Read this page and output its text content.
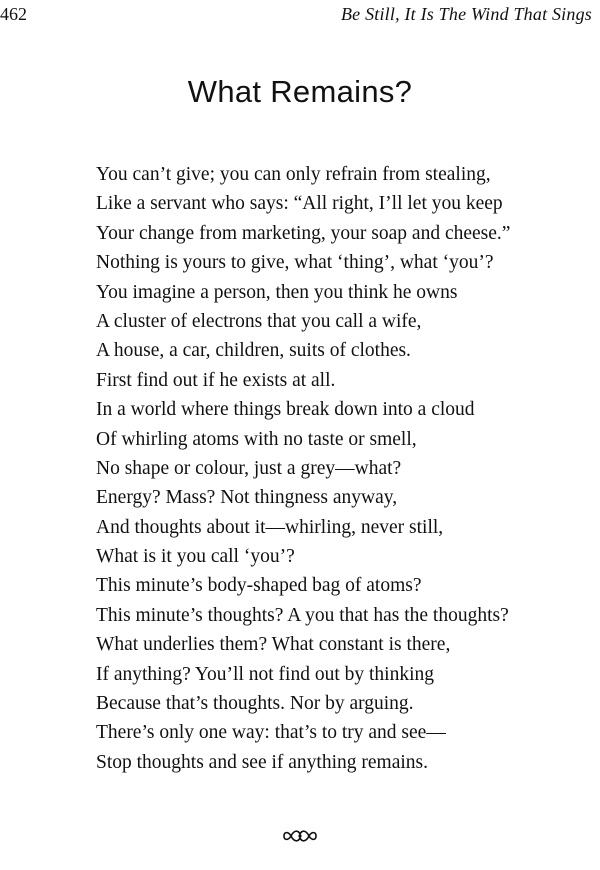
462	Be Still, It Is The Wind That Sings
What Remains?
You can’t give; you can only refrain from stealing,
Like a servant who says: “All right, I’ll let you keep
Your change from marketing, your soap and cheese.”
Nothing is yours to give, what ‘thing’, what ‘you’?
You imagine a person, then you think he owns
A cluster of electrons that you call a wife,
A house, a car, children, suits of clothes.
First find out if he exists at all.
In a world where things break down into a cloud
Of whirling atoms with no taste or smell,
No shape or colour, just a grey—what?
Energy? Mass? Not thingness anyway,
And thoughts about it—whirling, never still,
What is it you call ‘you’?
This minute’s body-shaped bag of atoms?
This minute’s thoughts? A you that has the thoughts?
What underlies them? What constant is there,
If anything? You’ll not find out by thinking
Because that’s thoughts. Nor by arguing.
There’s only one way: that’s to try and see—
Stop thoughts and see if anything remains.
